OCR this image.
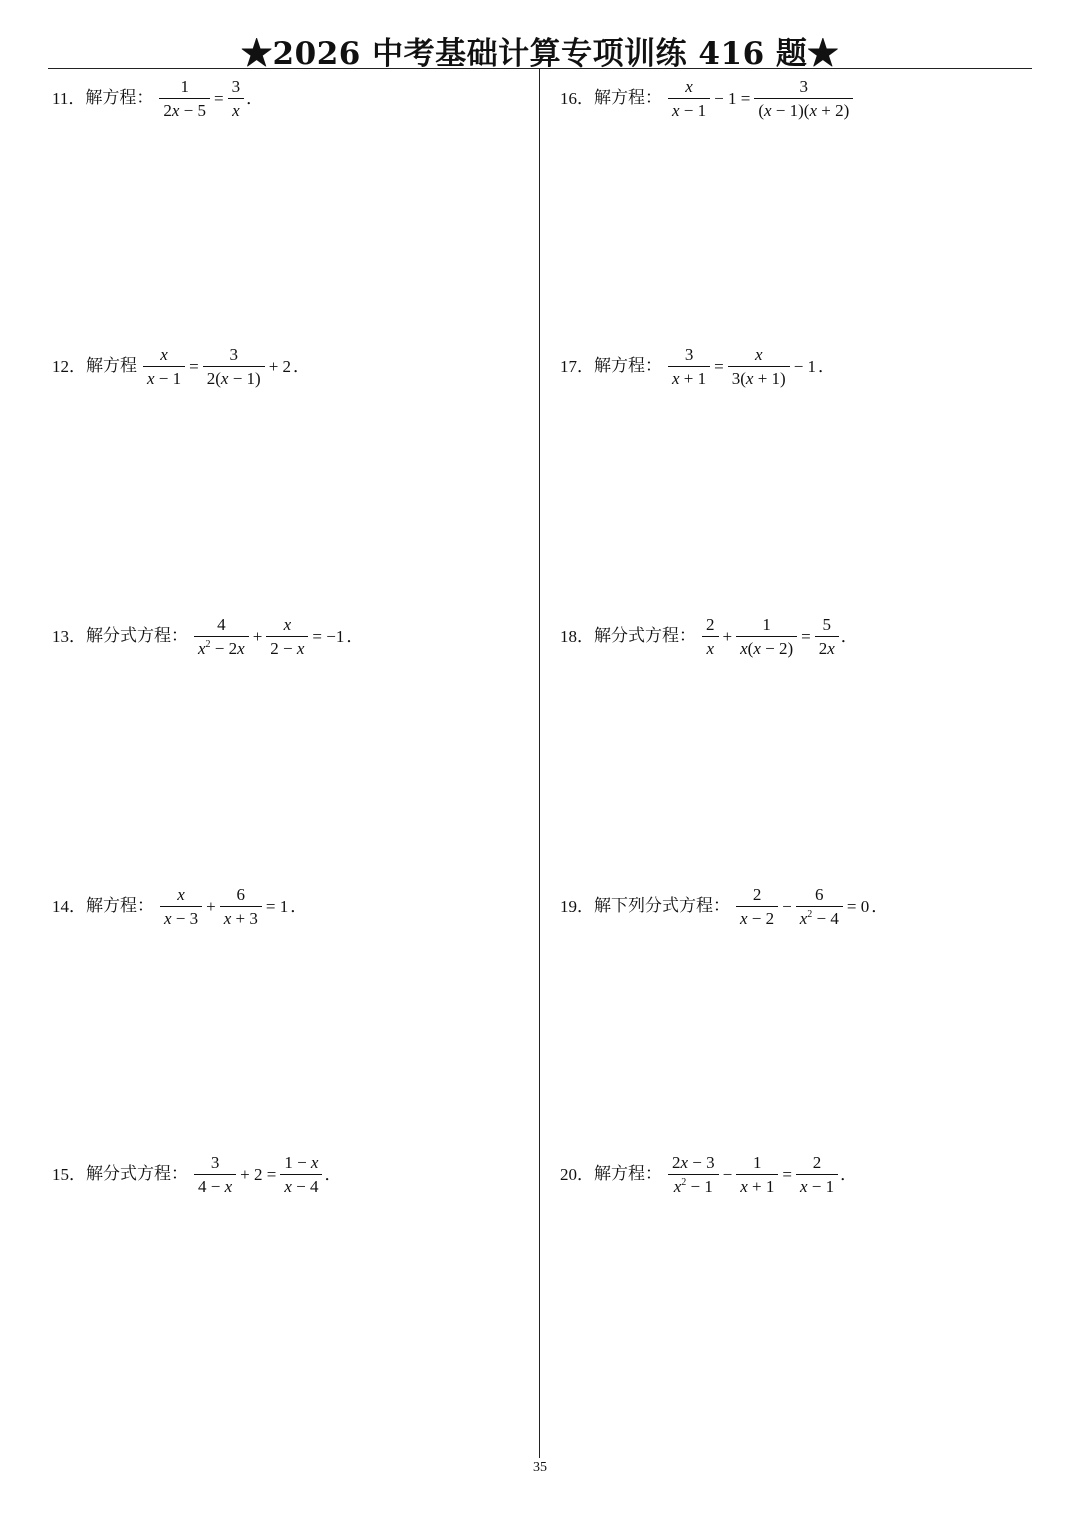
★2026 中考基础计算专项训练 416 题★
11． 解方程： $\frac{1}{2x - 5} = \frac{3}{x}$ ．
12． 解方程 $\frac{x}{x - 1} = \frac{3}{2(x - 1)} + 2$ ．
13． 解分式方程： $\frac{4}{x^2 - 2x} + \frac{x}{2 - x} = -1$ ．
14． 解方程： $\frac{x}{x - 3} + \frac{6}{x + 3} = 1$ ．
15． 解分式方程： $\frac{3}{4 - x} + 2 = \frac{1 - x}{x - 4}$ ．
16． 解方程： $\frac{x}{x - 1} - 1 = \frac{3}{(x - 1)(x + 2)}$
17． 解方程： $\frac{3}{x + 1} = \frac{x}{3(x + 1)} - 1$ ．
18． 解分式方程： $\frac{2}{x} + \frac{1}{x(x - 2)} = \frac{5}{2x}$ ．
19． 解下列分式方程： $\frac{2}{x - 2} - \frac{6}{x^2 - 4} = 0$ ．
20． 解方程： $\frac{2x - 3}{x^2 - 1} - \frac{1}{x + 1} = \frac{2}{x - 1}$ ．
35
